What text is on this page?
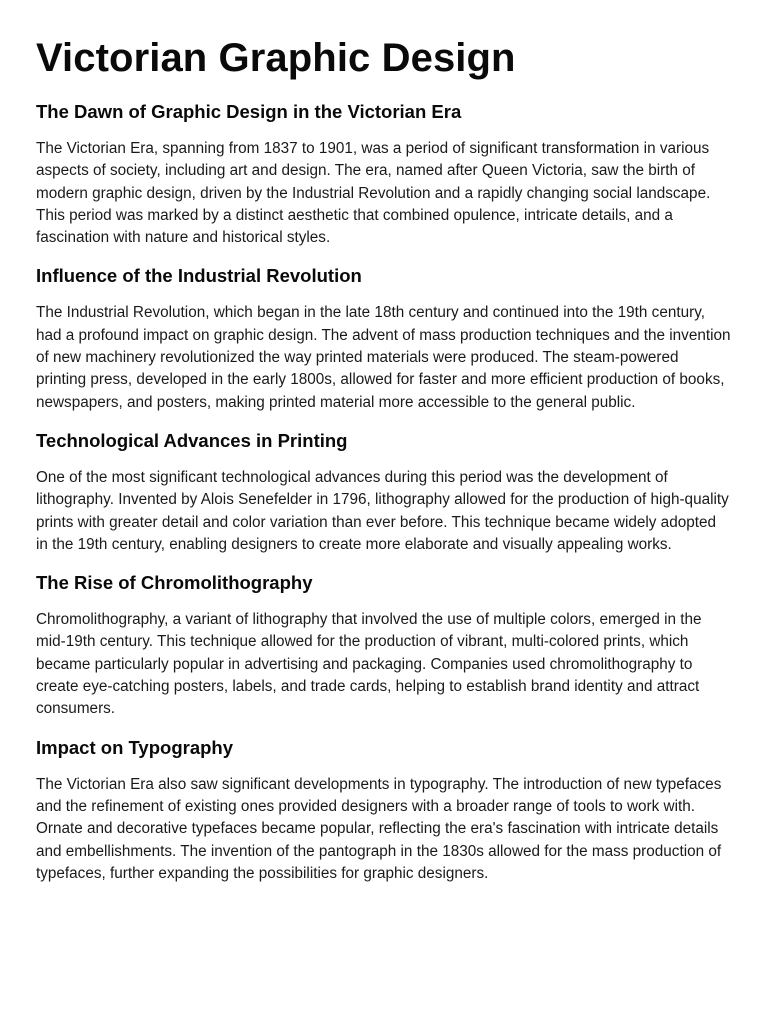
Victorian Graphic Design
The Dawn of Graphic Design in the Victorian Era

The Victorian Era, spanning from 1837 to 1901, was a period of significant transformation in various aspects of society, including art and design. The era, named after Queen Victoria, saw the birth of modern graphic design, driven by the Industrial Revolution and a rapidly changing social landscape. This period was marked by a distinct aesthetic that combined opulence, intricate details, and a fascination with nature and historical styles.

Influence of the Industrial Revolution

The Industrial Revolution, which began in the late 18th century and continued into the 19th century, had a profound impact on graphic design. The advent of mass production techniques and the invention of new machinery revolutionized the way printed materials were produced. The steam-powered printing press, developed in the early 1800s, allowed for faster and more efficient production of books, newspapers, and posters, making printed material more accessible to the general public.

Technological Advances in Printing

One of the most significant technological advances during this period was the development of lithography. Invented by Alois Senefelder in 1796, lithography allowed for the production of high-quality prints with greater detail and color variation than ever before. This technique became widely adopted in the 19th century, enabling designers to create more elaborate and visually appealing works.

The Rise of Chromolithography

Chromolithography, a variant of lithography that involved the use of multiple colors, emerged in the mid-19th century. This technique allowed for the production of vibrant, multi-colored prints, which became particularly popular in advertising and packaging. Companies used chromolithography to create eye-catching posters, labels, and trade cards, helping to establish brand identity and attract consumers.

Impact on Typography

The Victorian Era also saw significant developments in typography. The introduction of new typefaces and the refinement of existing ones provided designers with a broader range of tools to work with. Ornate and decorative typefaces became popular, reflecting the era's fascination with intricate details and embellishments. The invention of the pantograph in the 1830s allowed for the mass production of typefaces, further expanding the possibilities for graphic designers.
